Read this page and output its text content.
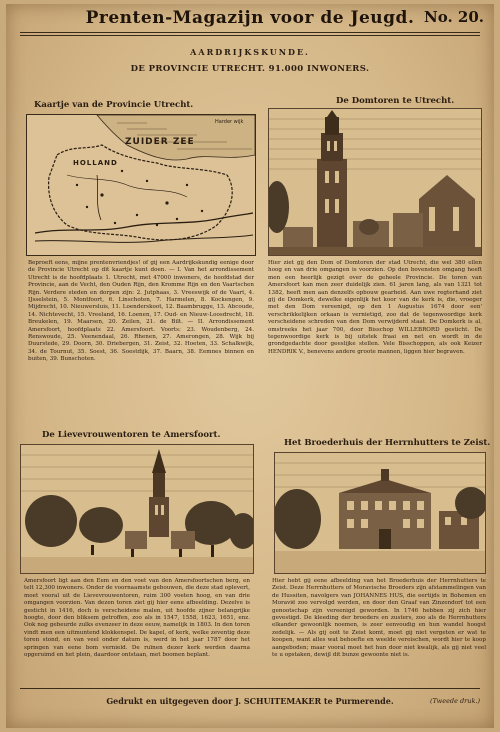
Prenten-Magazijn voor de Jeugd. No. 20.
AARDRIJKSKUNDE.
DE PROVINCIE UTRECHT. 91.000 INWONERS.
Kaartje van de Provincie Utrecht.
ZUIDER ZEE
HOLLAND
Harder wijk
Beproeft eens, mijne prentenvriendjes! of gij een Aardrijkskundig eenige door de Provincie Utrecht op dit kaartje kunt doen. — I. Van het arrondissement Utrecht is de hoofdplaats 1. Utrecht, met 47000 inwoners, de hoofdstad der Provincie, aan de Vecht, den Ouden Rijn, den Kromme Rijn en den Vaartschen Rijn. Verdere steden en dorpen zijn: 2. Jutphaas, 3. Vreeswijk of de Vaart, 4. IJsselstein, 5. Montfoort, 6. Linschoten, 7. Harmelen, 8. Kockengen, 9. Mijdrecht, 10. Nieuwersluis, 11. Loenderskoot, 12. Baambrugge, 13. Abcoude, 14. Nichtevecht, 15. Vreeland, 16. Loenen, 17. Oud- en Nieuw-Loosdrecht, 18. Breukelen, 19. Maarsen, 20. Zeilen, 21. de Bilt. — II. Arrondissement Amersfoort, hoofdplaats 22. Amersfoort. Voorts: 23. Woudenberg, 24. Renswoude, 25. Veenendaal, 26. Rhenen, 27. Amerongen, 28. Wijk bij Duurstede, 29. Doorn, 30. Driebergen, 31. Zeist, 32. Hoeten, 33. Schalkwijk, 34. de Tournut, 35. Soest, 36. Soestdijk, 37. Baarn, 38. Eemnes binnen en buiten, 39. Bunschoten.
De Domtoren te Utrecht.
Hier ziet gij den Dom of Domtoren der stad Utrecht, die wel 380 ellen hoog en van drie omgangen is voorzien. Op den bovensten omgang heeft men een heerlijk gezigt over de geheele Provincie. De toren van Amersfoort kan men zeer duidelijk zien. 61 jaren lang, als van 1321 tot 1382, heeft men aan denzelfs opbouw gearbeid. Aan uwe regterhand ziet gij de Domkerk, dewelke eigenlijk het koor van de kerk is, die, vroeger met den Dom vereenigd, op den 1 Augustus 1674 door een' verschrikkelijken orkaan is vernietigd, zoo dat de tegenwoordige kerk verscheidene schreden van den Dom verwijderd staat. De Domkerk is al, omstreeks het jaar 700, door Bisschop WILLEBRORD gesticht. De tegenwoordige kerk is bij uitstek fraai en net en wordt in de grondgedachte door geeslijke stellen. Vele Bisschoppen, als ook Keizer HENDRIK V., benevens andere groote mannen, liggen hier begraven.
De Lievevrouwentoren te Amersfoort.
Amersfoort ligt aan den Eem en den voet van den Amersfoortschen berg, en telt 12,300 inwoners. Onder de voornaamste gebouwen, die deze stad oplevert, moet vooral uit de Lievevrouwentoren, ruim 300 voeten hoog, en van drie omgangen voorzien. Van dezen toren ziet gij hier eene afbeelding. Dezelve is gesticht in 1416, doch is verscheidene malen, uit hoofde zijner belangrijke hoogte, door den bliksem getroffen, zoo als in 1547, 1558, 1623, 1651, enz. Ook nog gebeurde zulks evenzeer in deze eeuw, namelijk in 1803. In den toren vindt men een uitmuntend klokkenspel. De kapel, of kerk, welke zeventig deze toren stond, en van veel onder datum is, werd in het jaar 1787 door het springen van eene bom vernield. De ruïnen dezer kerk werden daarna opgeruimd en het plein, daardoor ontstaan, met boomen beplant.
Het Broederhuis der Herrnhutters te Zeist.
Hier hebt gij eene afbeelding van het Broederhuis der Herrnhutters te Zeist. Deze Herrnhutters of Moravische Broeders zijn afstammelingen van de Hussiten, navolgers van JOHANNES HUS, die eertijds in Bohemen en Moravië zoo vervolgd werden, en door den Graaf van Zinzendorf tot een genootschap zijn vereenigd geworden. In 1746 hebben zij zich hier gevestigd. De kleeding der broeders en zusters, zoo als de Herrnhutters elkander gewoonlijk noemen, is zeer eenvoudig en hun wandel hoogst zedelijk. — Als gij ooit te Zeist komt, moet gij niet vergeten er wat te koopen, want alles wat behoefte en weelde vereischen, wordt hier te koop aangeboden; maar vooral moet het hun door niet kwalijk, als gij niet veel te u opstaken, dewijl dit bunze gewoonte niet is.
Gedrukt en uitgegeven door J. SCHUITEMAKER te Purmerende.	(Tweede druk.)
